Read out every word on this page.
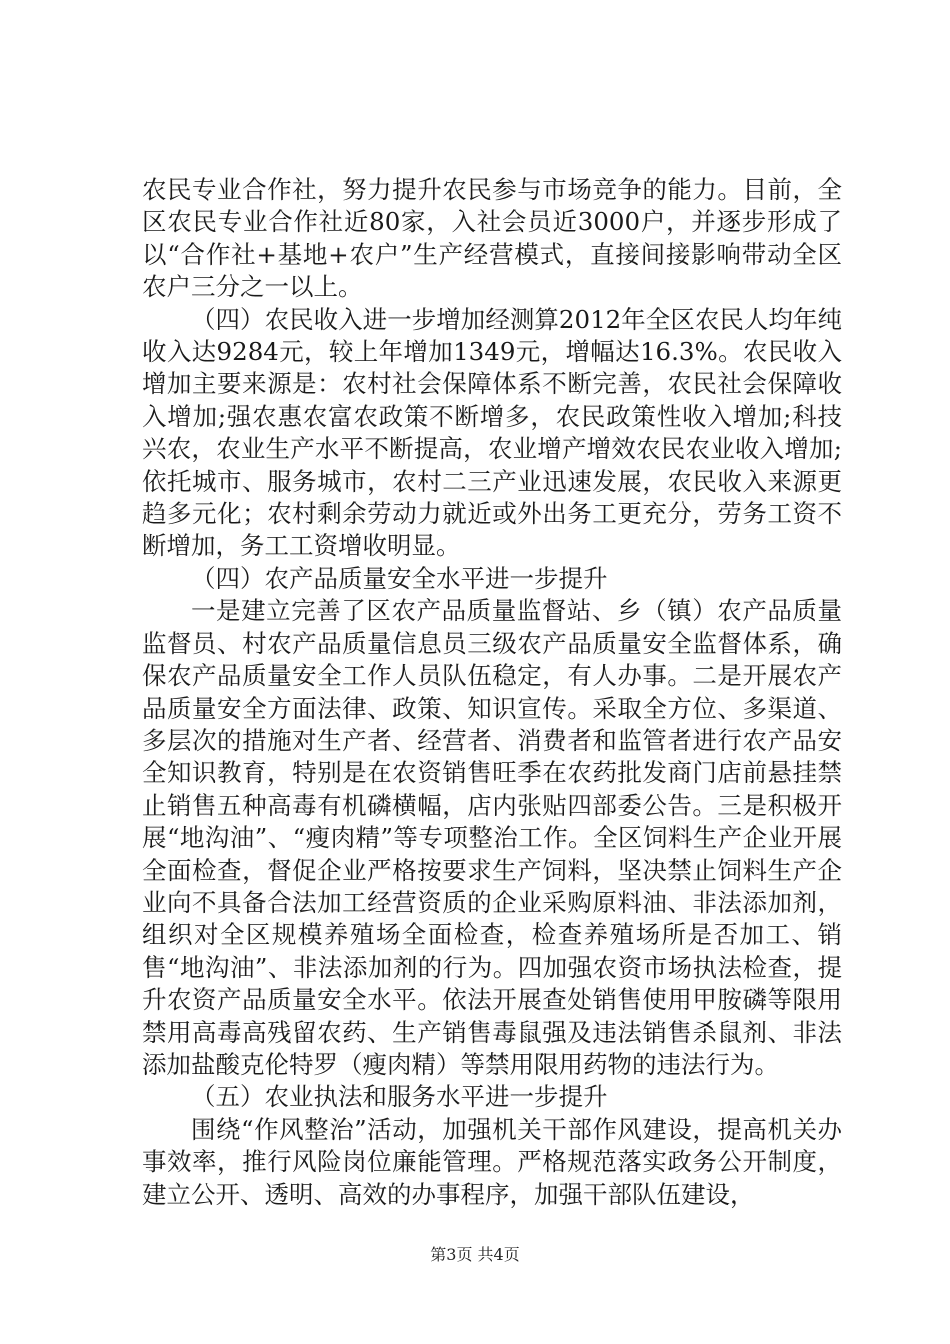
农民专业合作社，努力提升农民参与市场竞争的能力。目前，全区农民专业合作社近80家，入社会员近3000户，并逐步形成了以“合作社+基地+农户”生产经营模式，直接间接影响带动全区农户三分之一以上。

（四）农民收入进一步增加经测算2012年全区农民人均年纯收入达9284元，较上年增加1349元，增幅达16.3%。农民收入增加主要来源是：农村社会保障体系不断完善，农民社会保障收入增加;强农惠农富农政策不断增多，农民政策性收入增加;科技兴农，农业生产水平不断提高，农业增产增效农民农业收入增加;依托城市、服务城市，农村二三产业迅速发展，农民收入来源更趋多元化；农村剩余劳动力就近或外出务工更充分，劳务工资不断增加，务工工资增收明显。

（四）农产品质量安全水平进一步提升

一是建立完善了区农产品质量监督站、乡（镇）农产品质量监督员、村农产品质量信息员三级农产品质量安全监督体系，确保农产品质量安全工作人员队伍稳定，有人办事。二是开展农产品质量安全方面法律、政策、知识宣传。采取全方位、多渠道、多层次的措施对生产者、经营者、消费者和监管者进行农产品安全知识教育，特别是在农资销售旺季在农药批发商门店前悬挂禁止销售五种高毒有机磷横幅，店内张贴四部委公告。三是积极开展“地沟油”、“瘦肉精”等专项整治工作。全区饲料生产企业开展全面检查，督促企业严格按要求生产饲料，坚决禁止饲料生产企业向不具备合法加工经营资质的企业采购原料油、非法添加剂，组织对全区规模养殖场全面检查，检查养殖场所是否加工、销售“地沟油”、非法添加剂的行为。四加强农资市场执法检查，提升农资产品质量安全水平。依法开展查处销售使用甲胺磷等限用禁用高毒高残留农药、生产销售毒鼠强及违法销售杀鼠剂、非法添加盐酸克伦特罗（瘦肉精）等禁用限用药物的违法行为。

（五）农业执法和服务水平进一步提升

围绕“作风整治”活动，加强机关干部作风建设，提高机关办事效率，推行风险岗位廉能管理。严格规范落实政务公开制度，建立公开、透明、高效的办事程序，加强干部队伍建设，

第3页 共4页
